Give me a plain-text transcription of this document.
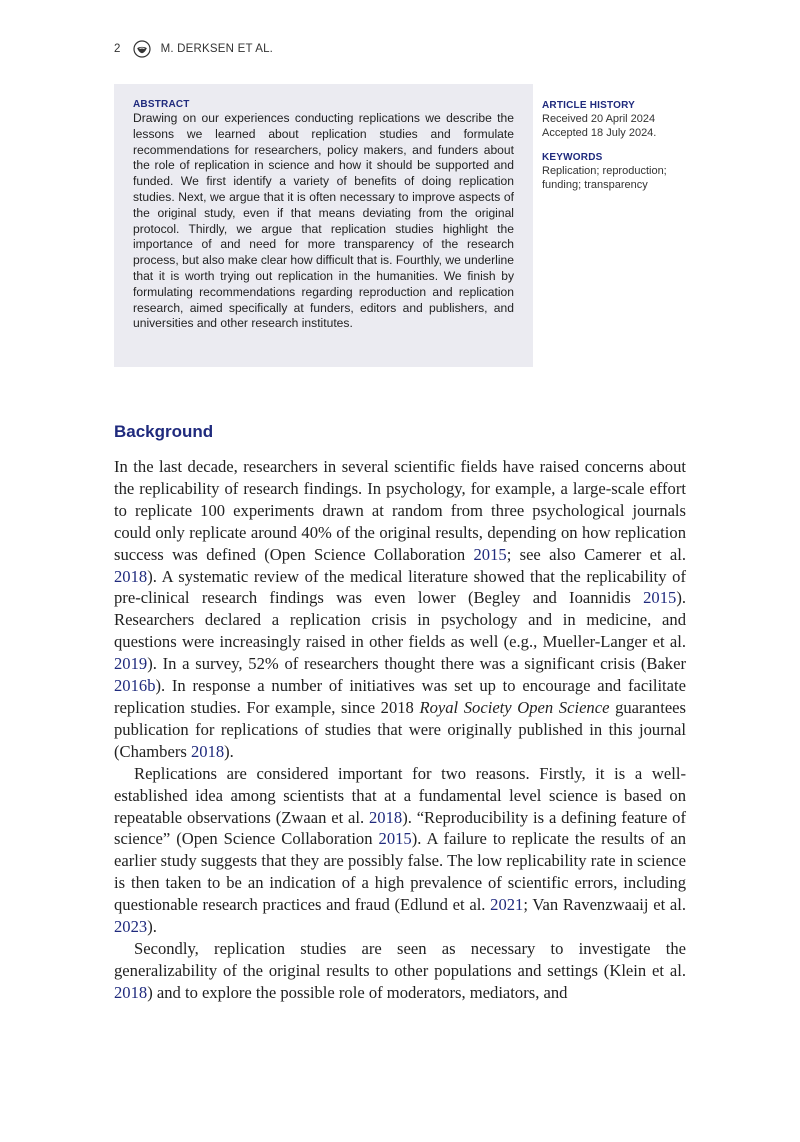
2	M. DERKSEN ET AL.

ABSTRACT

Drawing on our experiences conducting replications we describe the lessons we learned about replication studies and formulate recommendations for researchers, policy makers, and funders about the role of replication in science and how it should be supported and funded. We first identify a variety of benefits of doing replication studies. Next, we argue that it is often necessary to improve aspects of the original study, even if that means deviating from the original protocol. Thirdly, we argue that replication studies highlight the importance of and need for more transparency of the research process, but also make clear how difficult that is. Fourthly, we underline that it is worth trying out replication in the humanities. We finish by formulating recommendations regarding reproduction and replication research, aimed specifically at funders, editors and publishers, and universities and other research institutes.

ARTICLE HISTORY

Received 20 April 2024

Accepted 18 July 2024.

KEYWORDS

Replication; reproduction;

funding; transparency

Background

In the last decade, researchers in several scientific fields have raised concerns about the replicability of research findings. In psychology, for example, a large-scale effort to replicate 100 experiments drawn at random from three psychological journals could only replicate around 40% of the original results, depending on how replication success was defined (Open Science Collaboration 2015; see also Camerer et al. 2018). A systematic review of the medical literature showed that the replicability of pre-clinical research findings was even lower (Begley and Ioannidis 2015). Researchers declared a replication crisis in psychology and in medicine, and questions were increasingly raised in other fields as well (e.g., Mueller-Langer et al. 2019). In a survey, 52% of researchers thought there was a significant crisis (Baker 2016b). In response a number of initiatives was set up to encourage and facilitate replication studies. For example, since 2018 Royal Society Open Science guarantees publication for replications of studies that were originally published in this journal (Chambers 2018).

Replications are considered important for two reasons. Firstly, it is a well-established idea among scientists that at a fundamental level science is based on repeatable observations (Zwaan et al. 2018). “Reproducibility is a defining feature of science” (Open Science Collaboration 2015). A failure to replicate the results of an earlier study suggests that they are possibly false. The low replicability rate in science is then taken to be an indication of a high prevalence of scientific errors, including questionable research practices and fraud (Edlund et al. 2021; Van Ravenzwaaij et al. 2023).

Secondly, replication studies are seen as necessary to investigate the generalizability of the original results to other populations and settings (Klein et al. 2018) and to explore the possible role of moderators, mediators, and
